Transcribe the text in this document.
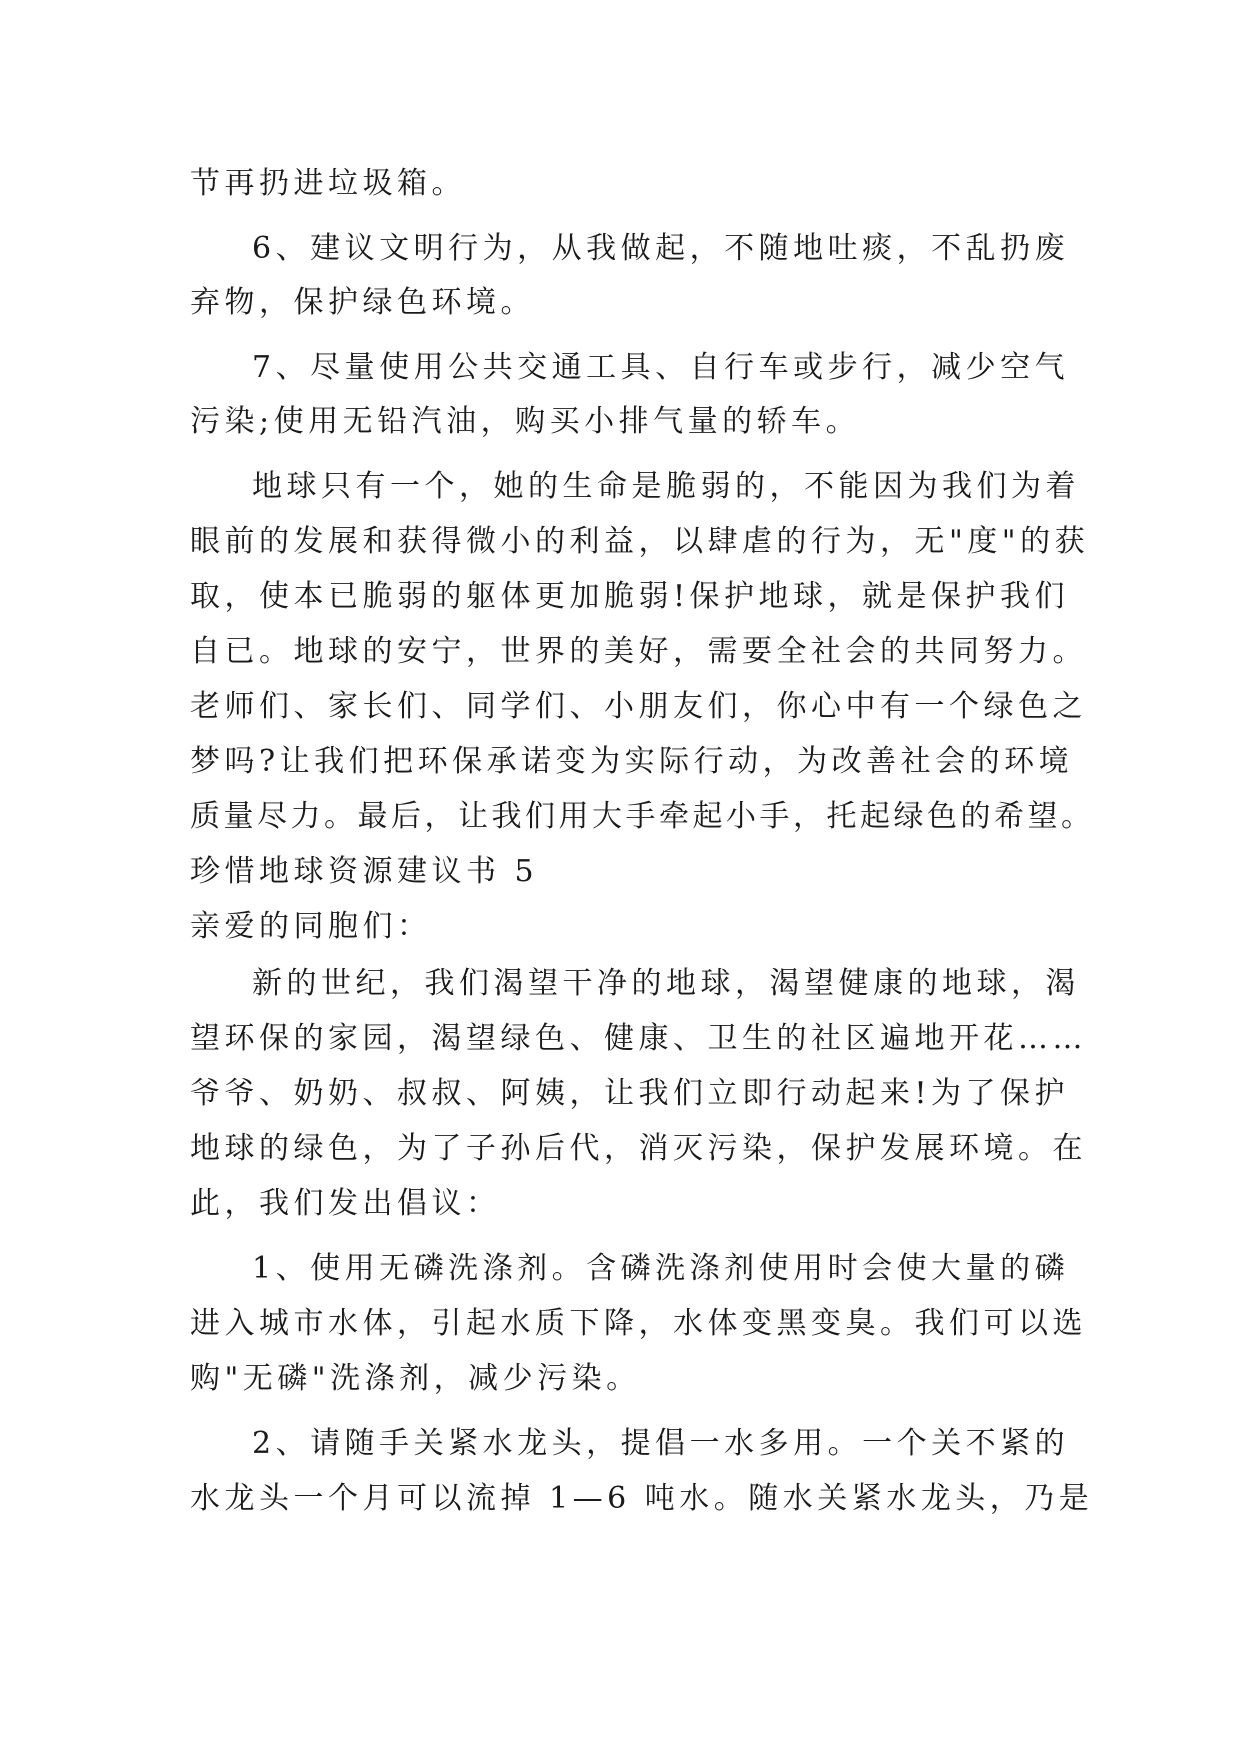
节再扔进垃圾箱。
6、建议文明行为，从我做起，不随地吐痰，不乱扔废
弃物，保护绿色环境。
7、尽量使用公共交通工具、自行车或步行，减少空气
污染;使用无铅汽油，购买小排气量的轿车。
地球只有一个，她的生命是脆弱的，不能因为我们为着
眼前的发展和获得微小的利益，以肆虐的行为，无"度"的获
取，使本已脆弱的躯体更加脆弱!保护地球，就是保护我们
自已。地球的安宁，世界的美好，需要全社会的共同努力。
老师们、家长们、同学们、小朋友们，你心中有一个绿色之
梦吗?让我们把环保承诺变为实际行动，为改善社会的环境
质量尽力。最后，让我们用大手牵起小手，托起绿色的希望。
珍惜地球资源建议书 5
亲爱的同胞们：
新的世纪，我们渴望干净的地球，渴望健康的地球，渴
望环保的家园，渴望绿色、健康、卫生的社区遍地开花……
爷爷、奶奶、叔叔、阿姨，让我们立即行动起来!为了保护
地球的绿色，为了子孙后代，消灭污染，保护发展环境。在
此，我们发出倡议：
1、使用无磷洗涤剂。含磷洗涤剂使用时会使大量的磷
进入城市水体，引起水质下降，水体变黑变臭。我们可以选
购"无磷"洗涤剂，减少污染。
2、请随手关紧水龙头，提倡一水多用。一个关不紧的
水龙头一个月可以流掉 1—6 吨水。随水关紧水龙头，乃是
